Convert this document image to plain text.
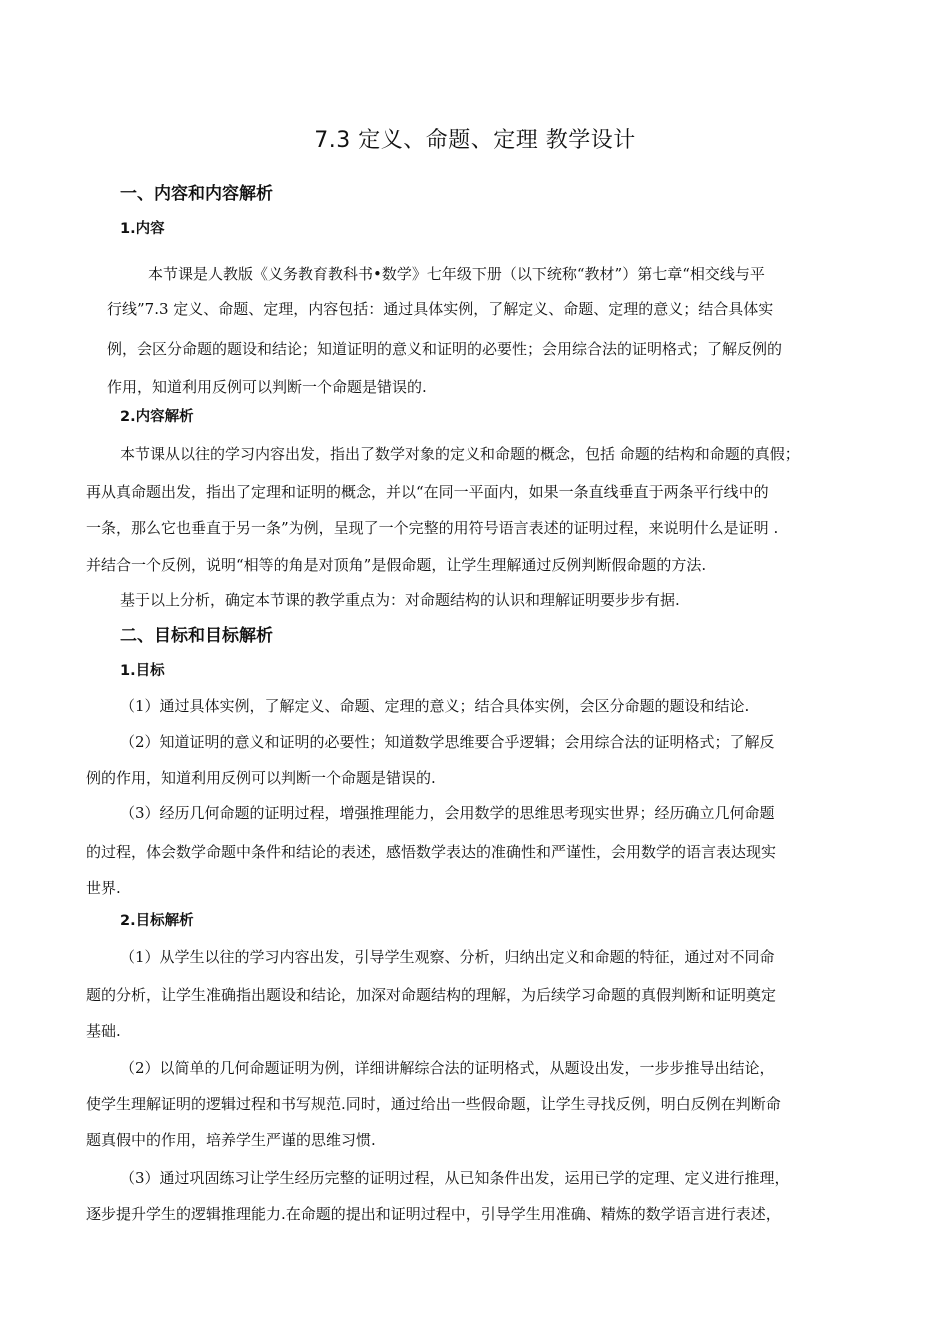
7.3 定义、命题、定理 教学设计
一、内容和内容解析
1.内容
本节课是人教版《义务教育教科书•数学》七年级下册（以下统称“教材”）第七章“相交线与平
行线”7.3 定义、命题、定理，内容包括：通过具体实例，了解定义、命题、定理的意义；结合具体实
例，会区分命题的题设和结论；知道证明的意义和证明的必要性；会用综合法的证明格式；了解反例的
作用，知道利用反例可以判断一个命题是错误的.
2.内容解析
本节课从以往的学习内容出发，指出了数学对象的定义和命题的概念，包括 命题的结构和命题的真假；
再从真命题出发，指出了定理和证明的概念，并以“在同一平面内，如果一条直线垂直于两条平行线中的
一条，那么它也垂直于另一条”为例，呈现了一个完整的用符号语言表述的证明过程，来说明什么是证明 .
并结合一个反例，说明“相等的角是对顶角”是假命题，让学生理解通过反例判断假命题的方法.
基于以上分析，确定本节课的教学重点为：对命题结构的认识和理解证明要步步有据.
二、目标和目标解析
1.目标
（1）通过具体实例，了解定义、命题、定理的意义；结合具体实例，会区分命题的题设和结论.
（2）知道证明的意义和证明的必要性；知道数学思维要合乎逻辑；会用综合法的证明格式；了解反
例的作用，知道利用反例可以判断一个命题是错误的.
（3）经历几何命题的证明过程，增强推理能力，会用数学的思维思考现实世界；经历确立几何命题
的过程，体会数学命题中条件和结论的表述，感悟数学表达的准确性和严谨性，会用数学的语言表达现实
世界.
2.目标解析
（1）从学生以往的学习内容出发，引导学生观察、分析，归纳出定义和命题的特征，通过对不同命
题的分析，让学生准确指出题设和结论，加深对命题结构的理解，为后续学习命题的真假判断和证明奠定
基础.
（2）以简单的几何命题证明为例，详细讲解综合法的证明格式，从题设出发，一步步推导出结论，
使学生理解证明的逻辑过程和书写规范.同时，通过给出一些假命题，让学生寻找反例，明白反例在判断命
题真假中的作用，培养学生严谨的思维习惯.
（3）通过巩固练习让学生经历完整的证明过程，从已知条件出发，运用已学的定理、定义进行推理，
逐步提升学生的逻辑推理能力.在命题的提出和证明过程中，引导学生用准确、精炼的数学语言进行表述，
